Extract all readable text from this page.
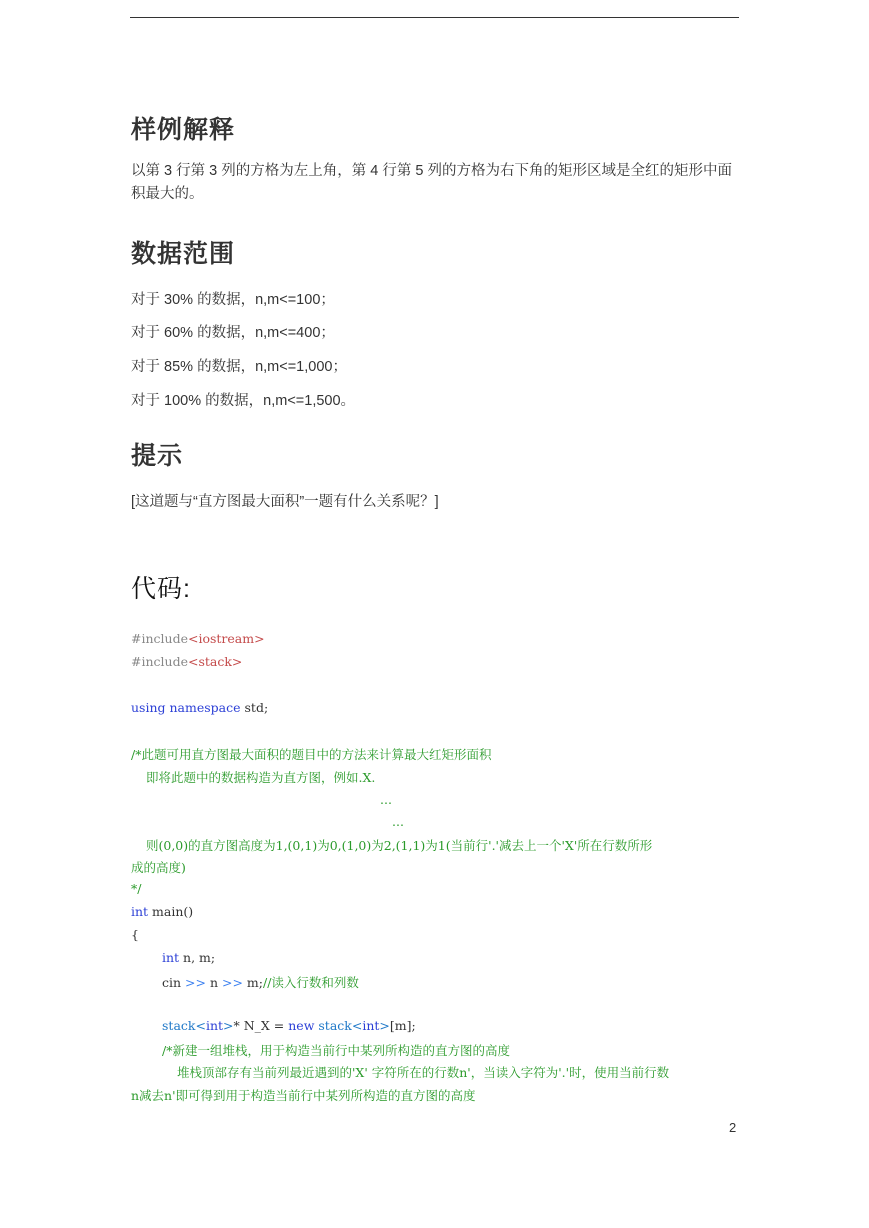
样例解释
以第 3 行第 3 列的方格为左上角，第 4 行第 5 列的方格为右下角的矩形区域是全红的矩形中面积最大的。
数据范围
对于 30% 的数据，n,m<=100；
对于 60% 的数据，n,m<=400；
对于 85% 的数据，n,m<=1,000；
对于 100% 的数据，n,m<=1,500。
提示
[这道题与“直方图最大面积”一题有什么关系呢？]
代码:
#include<iostream>
#include<stack>
using namespace std;
/*此题可用直方图最大面积的题目中的方法来计算最大红矩形面积
即将此题中的数据构造为直方图，例如.X.
...
...
则(0,0)的直方图高度为1,(0,1)为0,(1,0)为2,(1,1)为1(当前行'.'减去上一个'X'所在行数所形
成的高度)
*/
int main()
{
int n, m;
cin >> n >> m;//读入行数和列数
stack<int>* N_X = new stack<int>[m];
/*新建一组堆栈，用于构造当前行中某列所构造的直方图的高度
堆栈顶部存有当前列最近遇到的'X' 字符所在的行数n'，当读入字符为'.'时，使用当前行数
n减去n'即可得到用于构造当前行中某列所构造的直方图的高度
2
